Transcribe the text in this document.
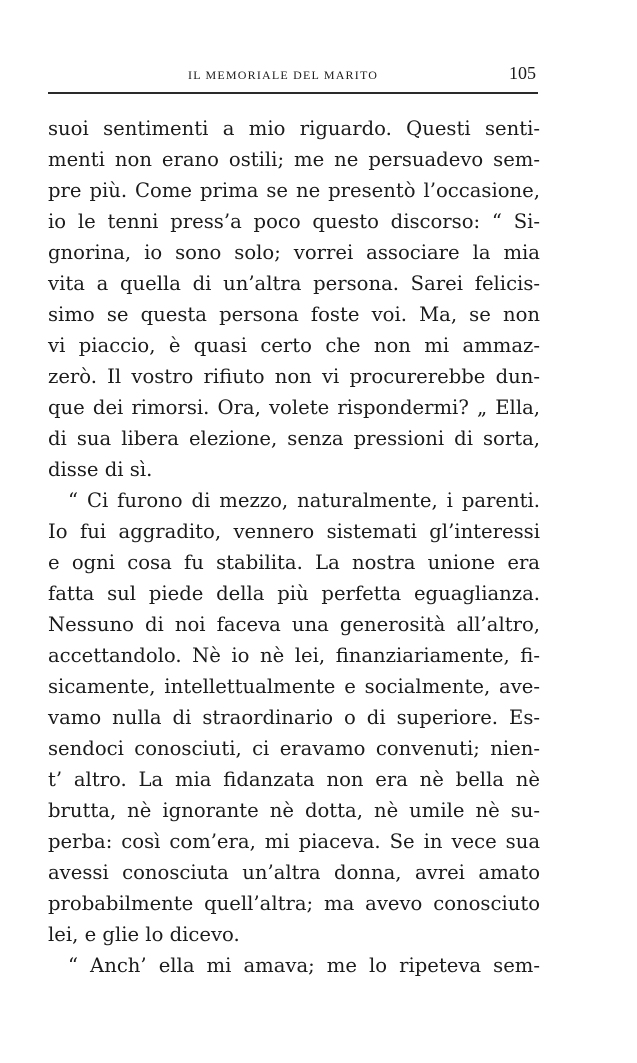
IL MEMORIALE DEL MARITO	105
suoi sentimenti a mio riguardo. Questi senti-
menti non erano ostili; me ne persuadevo sem-
pre più. Come prima se ne presentò l’occasione,
io le tenni press’a poco questo discorso: “ Si-
gnorina, io sono solo; vorrei associare la mia
vita a quella di un’altra persona. Sarei felicis-
simo se questa persona foste voi. Ma, se non
vi piaccio, è quasi certo che non mi ammaz-
zerò. Il vostro rifiuto non vi procurerebbe dun-
que dei rimorsi. Ora, volete rispondermi? „ Ella,
di sua libera elezione, senza pressioni di sorta,
disse di sì.
“ Ci furono di mezzo, naturalmente, i parenti.
Io fui aggradito, vennero sistemati gl’interessi
e ogni cosa fu stabilita. La nostra unione era
fatta sul piede della più perfetta eguaglianza.
Nessuno di noi faceva una generosità all’altro,
accettandolo. Nè io nè lei, finanziariamente, fi-
sicamente, intellettualmente e socialmente, ave-
vamo nulla di straordinario o di superiore. Es-
sendoci conosciuti, ci eravamo convenuti; nien-
t’ altro. La mia fidanzata non era nè bella nè
brutta, nè ignorante nè dotta, nè umile nè su-
perba: così com’era, mi piaceva. Se in vece sua
avessi conosciuta un’altra donna, avrei amato
probabilmente quell’altra; ma avevo conosciuto
lei, e glie lo dicevo.
“ Anch’ ella mi amava; me lo ripeteva sem-
